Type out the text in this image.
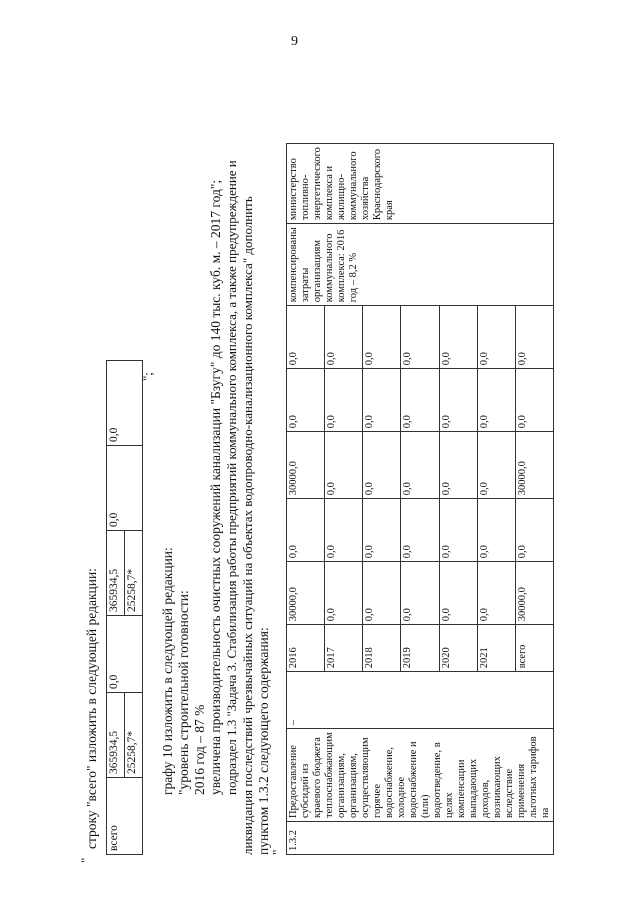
9
"
строку "всего" изложить в следующей редакции: всего	365934,5	0,0	365934,5	0,0	0,0
	25258,7*		25258,7*		
";
графу 10 изложить в следующей редакции: "уровень строительной готовности: 2016 год – 87 % увеличена производительность очистных сооружений канализации "Бзугу" до 140 тыс. куб. м. – 2017 год"; подраздел 1.3 "Задача 3. Стабилизация работы предприятий коммунального комплекса, а также предупреждение и ликвидация последствий чрезвычайных ситуаций на объектах водопроводно-канализационного комплекса" дополнить пунктом 1.3.2 следующего содержания: "
1.3.2	Предоставление субсидий из краевого бюджета теплоснабжающим организациям, организациям, осуществляющим горячее водоснабжение, холодное водоснабжение и (или) водоотведение, в целях компенсации выпадающих доходов, возникающих вследствие применения льготных тарифов на	–	2016	30000,0	0,0	30000,0	0,0	0,0	компенсированы затраты организациям коммунального комплекса: 2016 год – 8,2 %	министерство топливно-энергетического комплекса и жилищно-коммунального хозяйства Краснодарского края
			2017	0,0	0,0	0,0	0,0	0,0		
			2018	0,0	0,0	0,0	0,0	0,0		
			2019	0,0	0,0	0,0	0,0	0,0		
			2020	0,0	0,0	0,0	0,0	0,0		
			2021	0,0	0,0	0,0	0,0	0,0		
			всего	30000,0	0,0	30000,0	0,0	0,0		
